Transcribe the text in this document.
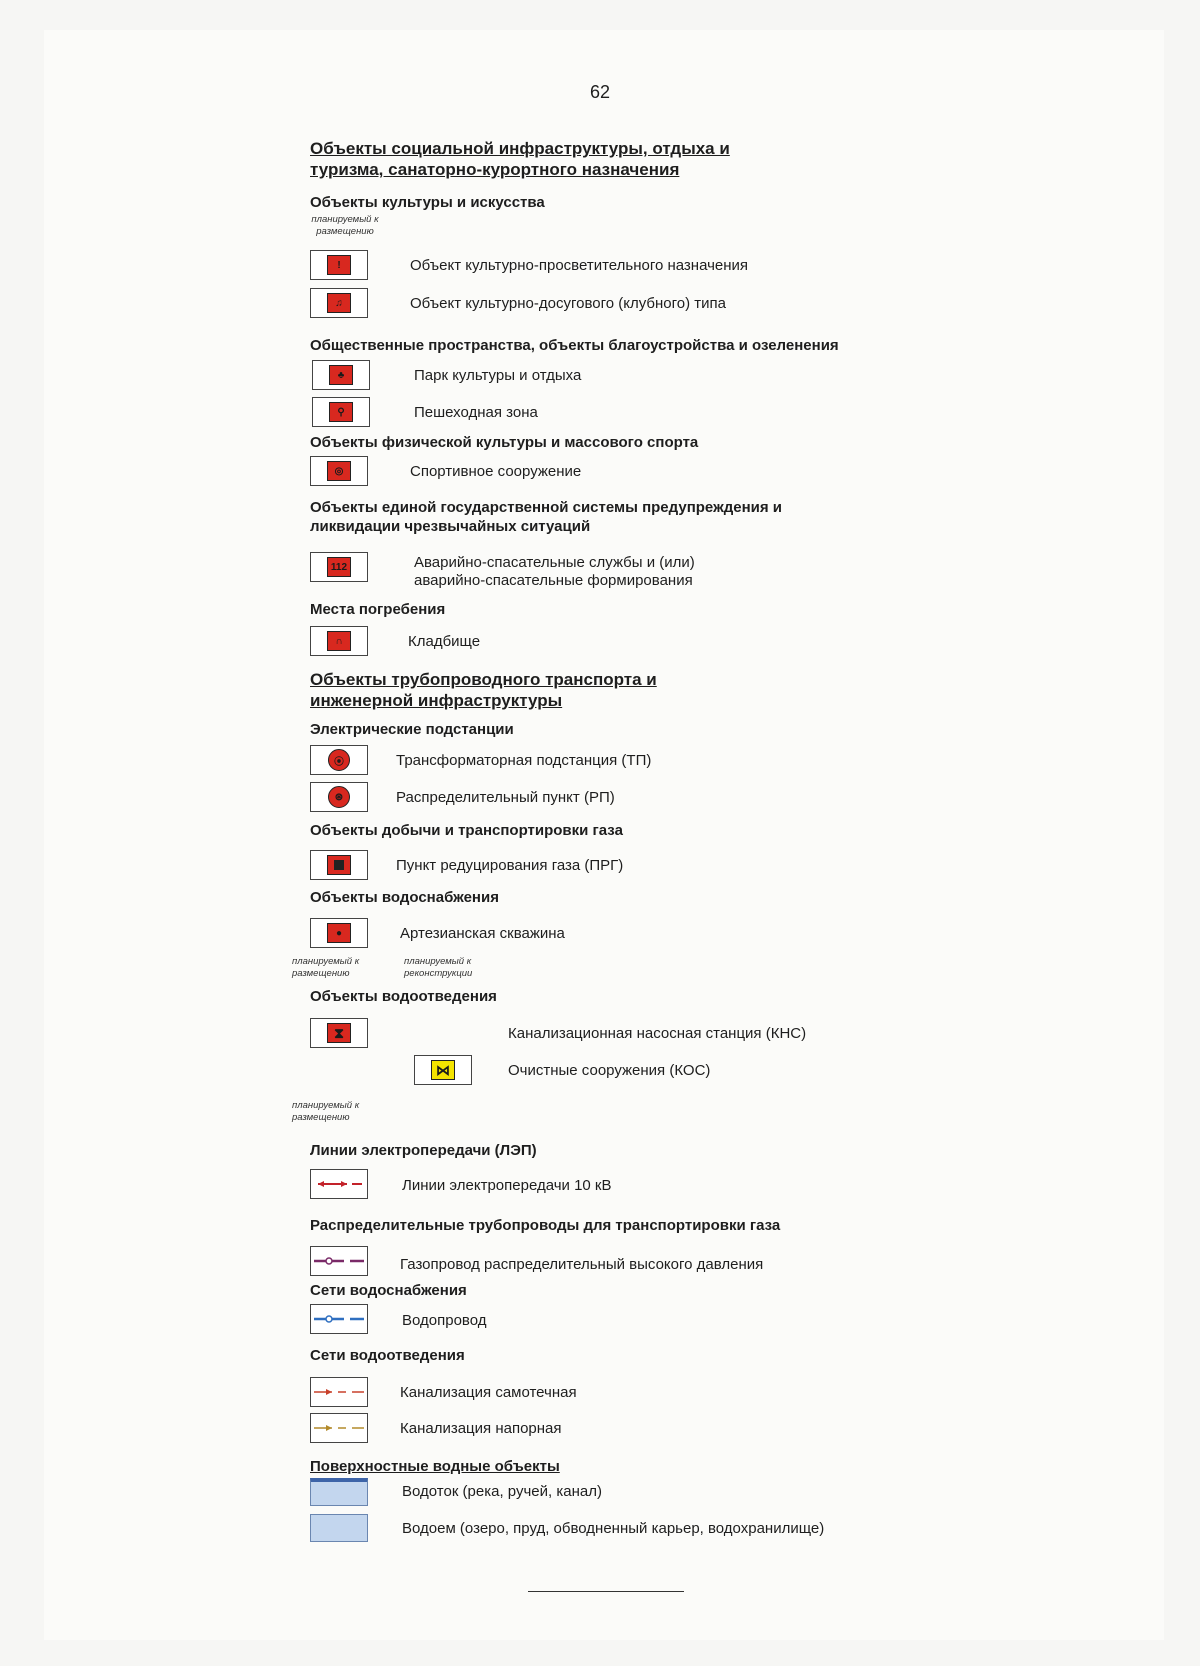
62
Объекты социальной инфраструктуры, отдыха и туризма, санаторно-курортного назначения
Объекты культуры и искусства
планируемый к размещению
!	Объект культурно-просветительного назначения
♫	Объект культурно-досугового (клубного) типа
Общественные пространства, объекты благоустройства и озеленения
♣	Парк культуры и отдыха
⚲	Пешеходная зона
Объекты физической культуры и массового спорта
◎	Спортивное сооружение
Объекты единой государственной системы предупреждения и ликвидации чрезвычайных ситуаций
112	Аварийно-спасательные службы и (или) аварийно-спасательные формирования
Места погребения
∩	Кладбище
Объекты трубопроводного транспорта и инженерной инфраструктуры
Электрические подстанции
⦿	Трансформаторная подстанция (ТП)
⊛	Распределительный пункт (РП)
Объекты добычи и транспортировки газа
Пункт редуцирования газа (ПРГ)
Объекты водоснабжения
●	Артезианская скважина
планируемый к размещению
планируемый к реконструкции
Объекты водоотведения
⧗	Канализационная насосная станция (КНС)
⋈	Очистные сооружения (КОС)
планируемый к размещению
Линии электропередачи (ЛЭП)
Линии электропередачи 10 кВ
Распределительные трубопроводы для транспортировки газа
Газопровод распределительный высокого давления
Сети водоснабжения
Водопровод
Сети водоотведения
Канализация самотечная
Канализация напорная
Поверхностные водные объекты
Водоток (река, ручей, канал)
Водоем (озеро, пруд, обводненный карьер, водохранилище)
